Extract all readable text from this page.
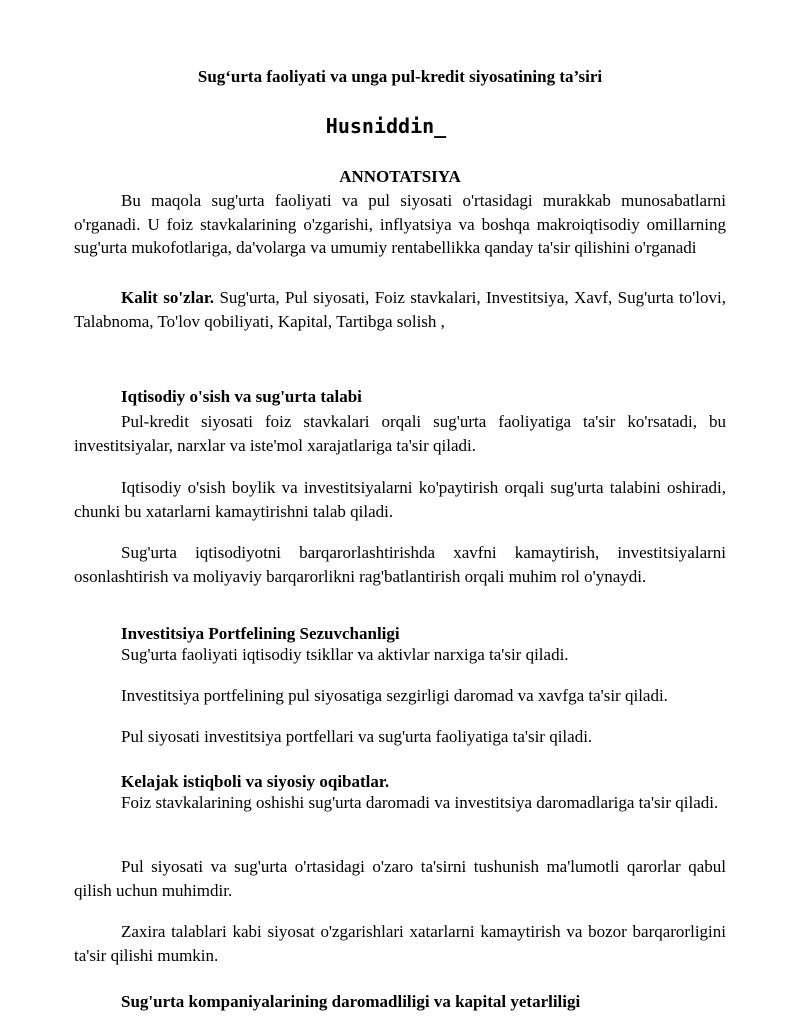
Sug‘urta faoliyati va unga pul-kredit siyosatining ta’siri
Husniddin_
ANNOTATSIYA
Bu maqola sug'urta faoliyati va pul siyosati o'rtasidagi murakkab munosabatlarni o'rganadi. U foiz stavkalarining o'zgarishi, inflyatsiya va boshqa makroiqtisodiy omillarning sug'urta mukofotlariga, da'volarga va umumiy rentabellikka qanday ta'sir qilishini o'rganadi
Kalit so'zlar. Sug'urta, Pul siyosati, Foiz stavkalari, Investitsiya, Xavf, Sug'urta to'lovi, Talabnoma, To'lov qobiliyati, Kapital, Tartibga solish ,
Iqtisodiy o'sish va sug'urta talabi
Pul-kredit siyosati foiz stavkalari orqali sug'urta faoliyatiga ta'sir ko'rsatadi, bu investitsiyalar, narxlar va iste'mol xarajatlariga ta'sir qiladi.
Iqtisodiy o'sish boylik va investitsiyalarni ko'paytirish orqali sug'urta talabini oshiradi, chunki bu xatarlarni kamaytirishni talab qiladi.
Sug'urta iqtisodiyotni barqarorlashtirishda xavfni kamaytirish, investitsiyalarni osonlashtirish va moliyaviy barqarorlikni rag'batlantirish orqali muhim rol o'ynaydi.
Investitsiya Portfelining Sezuvchanligi
Sug'urta faoliyati iqtisodiy tsikllar va aktivlar narxiga ta'sir qiladi.
Investitsiya portfelining pul siyosatiga sezgirligi daromad va xavfga ta'sir qiladi.
Pul siyosati investitsiya portfellari va sug'urta faoliyatiga ta'sir qiladi.
Kelajak istiqboli va siyosiy oqibatlar.
Foiz stavkalarining oshishi sug'urta daromadi va investitsiya daromadlariga ta'sir qiladi.
Pul siyosati va sug'urta o'rtasidagi o'zaro ta'sirni tushunish ma'lumotli qarorlar qabul qilish uchun muhimdir.
Zaxira talablari kabi siyosat o'zgarishlari xatarlarni kamaytirish va bozor barqarorligini ta'sir qilishi mumkin.
Sug'urta kompaniyalarining daromadliligi va kapital yetarliligi
